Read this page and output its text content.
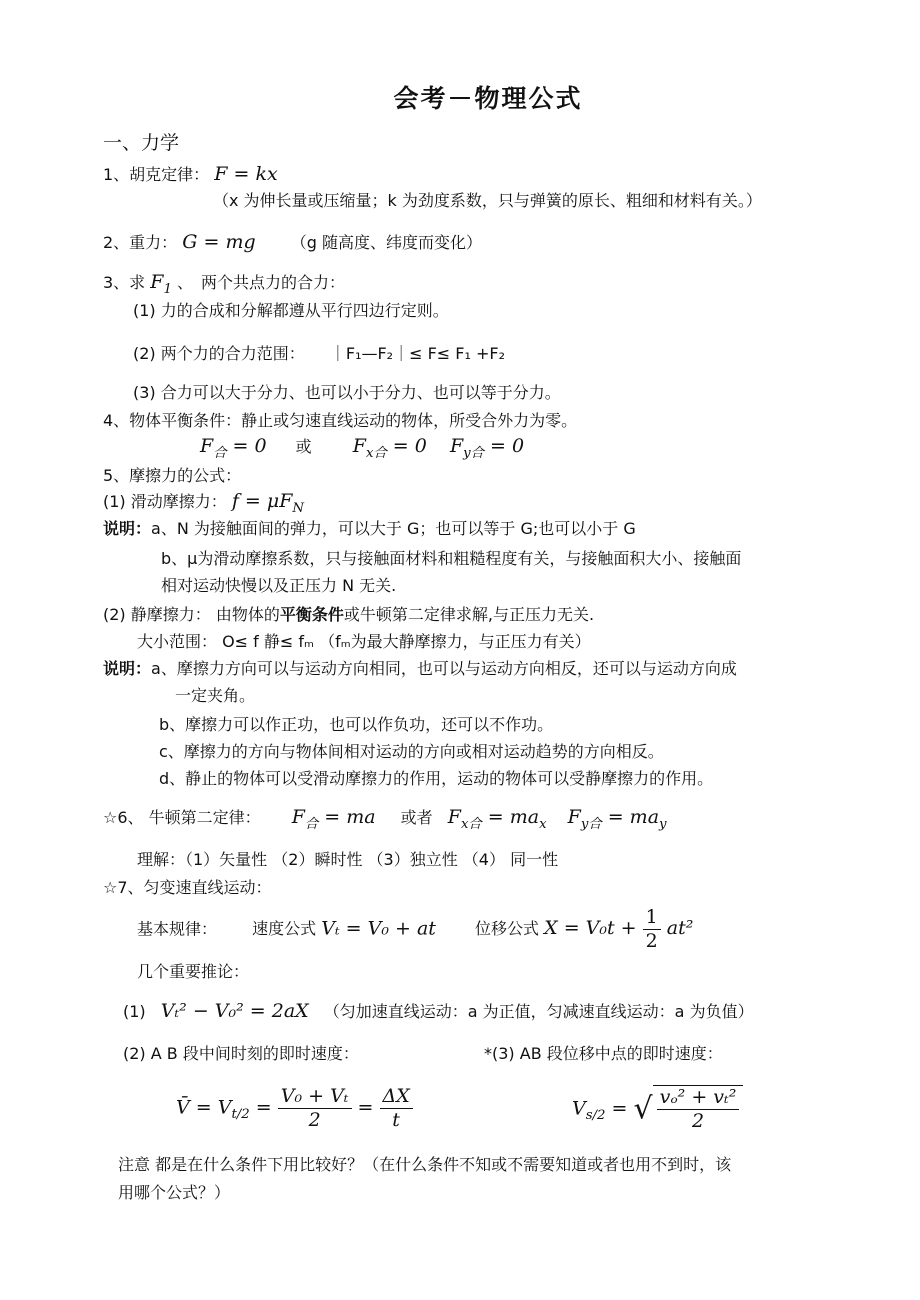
会考－物理公式
一、力学
1、胡克定律： F = kx
（x 为伸长量或压缩量；k 为劲度系数，只与弹簧的原长、粗细和材料有关。）
2、重力： G = mg （g 随高度、纬度而变化）
3、求 $F_1$ 、　两个共点力的合力：
(1) 力的合成和分解都遵从平行四边行定则。
(2) 两个力的合力范围： ｜F₁—F₂｜≤ F≤ F₁ +F₂
(3) 合力可以大于分力、也可以小于分力、也可以等于分力。
4、物体平衡条件：静止或匀速直线运动的物体，所受合外力为零。
$F_合 = 0$ 或 $F_{x合} = 0$ $F_{y合} = 0$
5、摩擦力的公式：
(1) 滑动摩擦力： $f = \mu F_N$
说明：a、N 为接触面间的弹力，可以大于 G；也可以等于 G;也可以小于 G
b、μ为滑动摩擦系数，只与接触面材料和粗糙程度有关，与接触面积大小、接触面
相对运动快慢以及正压力 N 无关.
(2) 静摩擦力： 由物体的平衡条件或牛顿第二定律求解,与正压力无关.
大小范围： O≤ f 静≤ fₘ （fₘ为最大静摩擦力，与正压力有关）
说明：a、摩擦力方向可以与运动方向相同，也可以与运动方向相反，还可以与运动方向成
一定夹角。
b、摩擦力可以作正功，也可以作负功，还可以不作功。
c、摩擦力的方向与物体间相对运动的方向或相对运动趋势的方向相反。
d、静止的物体可以受滑动摩擦力的作用，运动的物体可以受静摩擦力的作用。
☆6、 牛顿第二定律： $F_合$ = ma 或者 $F_{x合} = ma_x$ $F_{y合} = ma_y$
理解：（1）矢量性 （2）瞬时性 （3）独立性 （4） 同一性
☆7、匀变速直线运动：
基本规律： 速度公式 Vₜ = V₀ + at 位移公式 $X = V_0t + \frac{1}{2} at^2$
几个重要推论：
(1) Vₜ² − V₀² = 2aX （匀加速直线运动：a 为正值，匀减速直线运动：a 为负值）
(2) A B 段中间时刻的即时速度：	*(3) AB 段位移中点的即时速度：
V̄ = $V_{t/2} = \frac{\text{V₀ + Vₜ}}{2} = \frac{\Delta X}{t}$	$V_{s/2}$ = √ $\frac{\text{vₒ² + vₜ²}}{2}$
注意 都是在什么条件下用比较好？（在什么条件不知或不需要知道或者也用不到时，该
用哪个公式？）
